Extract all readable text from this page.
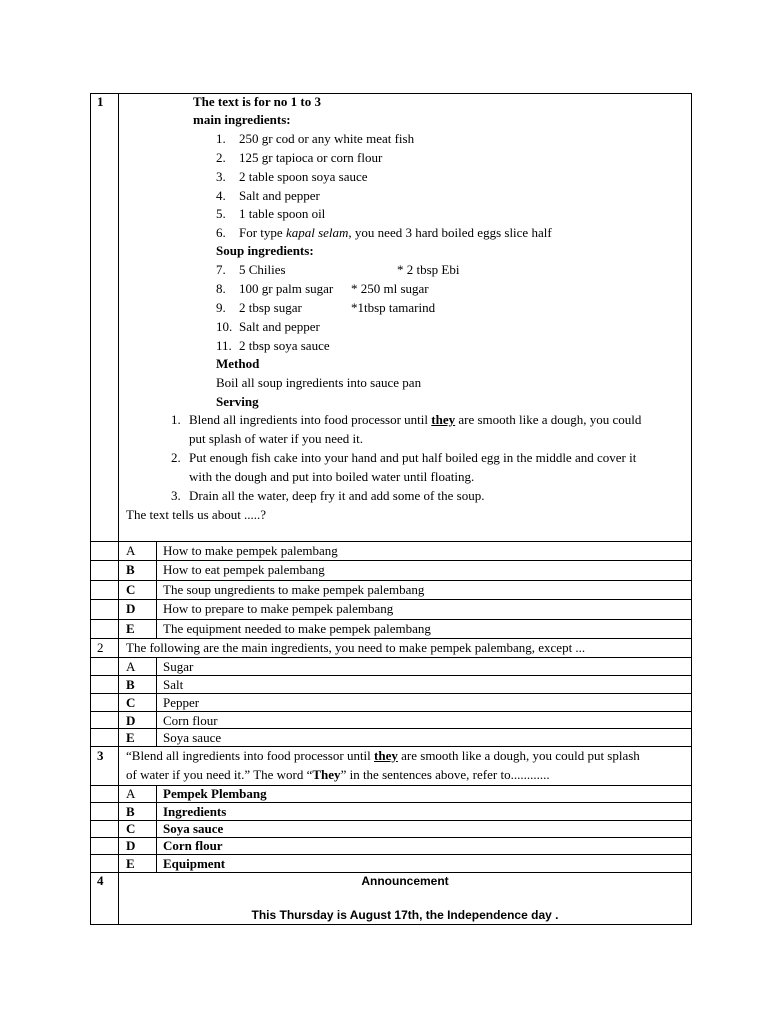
1	The text is for no 1 to 3
main ingredients:
1. 250 gr cod or any white meat fish
2. 125 gr tapioca or corn flour
3. 2 table spoon soya sauce
4. Salt and pepper
5. 1 table spoon oil
6. For type kapal selam, you need 3 hard boiled eggs slice half
Soup ingredients:
7. 5 Chilies	* 2 tbsp Ebi
8. 100 gr palm sugar * 250 ml sugar
9. 2 tbsp sugar	*1tbsp tamarind
10. Salt and pepper
11. 2 tbsp soya sauce
Method
Boil all soup ingredients into sauce pan
Serving
1. Blend all ingredients into food processor until they are smooth like a dough, you could
put splash of water if you need it.
2. Put enough fish cake into your hand and put half boiled egg in the middle and cover it
with the dough and put into boiled water until floating.
3. Drain all the water, deep fry it and add some of the soup.
The text tells us about .....?
A How to make pempek palembang
B How to eat pempek palembang
C The soup ungredients to make pempek palembang
D How to prepare to make pempek palembang
E The equipment needed to make pempek palembang
2 The following are the main ingredients, you need to make pempek palembang, except ...
A Sugar
B Salt
C Pepper
D Corn flour
E Soya sauce
3 “Blend all ingredients into food processor until they are smooth like a dough, you could put splash
of water if you need it.” The word “They” in the sentences above, refer to............
A Pempek Plembang
B Ingredients
C Soya sauce
D Corn flour
E Equipment
4	Announcement
This Thursday is August 17th, the Independence day .
